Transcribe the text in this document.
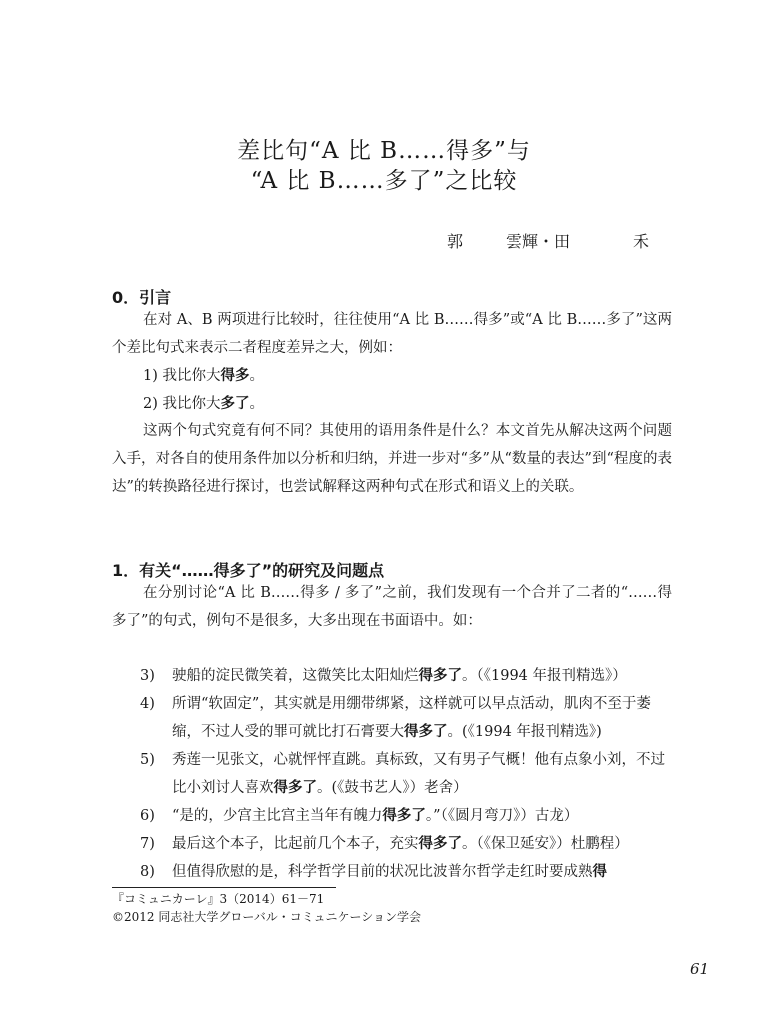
差比句“A 比 B……得多”与
“A 比 B……多了”之比较
郭	雲輝・田	禾
0．引言
在对 A、B 两项进行比较时，往往使用“A 比 B……得多”或“A 比 B……多了”这两个差比句式来表示二者程度差异之大，例如：
1) 我比你大得多。
2) 我比你大多了。
这两个句式究竟有何不同？其使用的语用条件是什么？本文首先从解决这两个问题入手，对各自的使用条件加以分析和归纳，并进一步对“多”从“数量的表达”到“程度的表达”的转换路径进行探讨，也尝试解释这两种句式在形式和语义上的关联。
1．有关“……得多了”的研究及问题点
在分别讨论“A 比 B……得多 / 多了”之前，我们发现有一个合并了二者的“……得多了”的句式，例句不是很多，大多出现在书面语中。如：
3) 驶船的淀民微笑着，这微笑比太阳灿烂得多了。（《1994 年报刊精选》）
4) 所谓“软固定”，其实就是用绷带绑紧，这样就可以早点活动，肌肉不至于萎缩，不过人受的罪可就比打石膏要大得多了。(《1994 年报刊精选》)
5) 秀莲一见张文，心就怦怦直跳。真标致，又有男子气概！他有点象小刘，不过比小刘讨人喜欢得多了。(《鼓书艺人》）老舍）
6) “是的，少宫主比宫主当年有魄力得多了。”（《圆月弯刀》）古龙）
7) 最后这个本子，比起前几个本子，充实得多了。（《保卫延安》）杜鹏程）
8) 但值得欣慰的是，科学哲学目前的状况比波普尔哲学走红时要成熟得
『コミュニカーレ』3（2014）61－71
©2012 同志社大学グローバル・コミュニケーション学会
61
